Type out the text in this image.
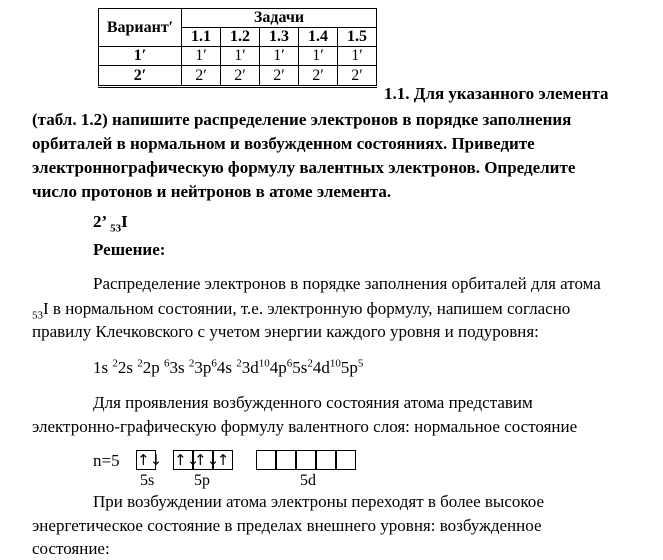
Вариант′	Задачи				
	1.1	1.2	1.3	1.4	1.5
1′	1′	1′	1′	1′	1′
2′	2′	2′	2′	2′	2′

1.1. Для указанного элемента

(табл. 1.2) напишите распределение электронов в порядке заполнения

орбиталей в нормальном и возбужденном состояниях. Приведите

электроннографическую формулу валентных электронов. Определите

число протонов и нейтронов в атоме элемента.

2’ $_{53}$I

Решение:

Распределение электронов в порядке заполнения орбиталей для атома

$_{53}$I в нормальном состоянии, т.е. электронную формулу, напишем согласно

правилу Клечковского с учетом энергии каждого уровня и подуровня:

1s $^2$2s $^2$2p $^6$3s $^23p^64s$ $^23d^{10}4p^65s^24d^{10}5p^5$

Для проявления возбужденного состояния атома представим

электронно-графическую формулу валентного слоя: нормальное состояние

n=5 ↑↓ ↑↓
↑↓
↑

5s 5p	5d

При возбуждении атома электроны переходят в более высокое

энергетическое состояние в пределах внешнего уровня: возбужденное

состояние:
